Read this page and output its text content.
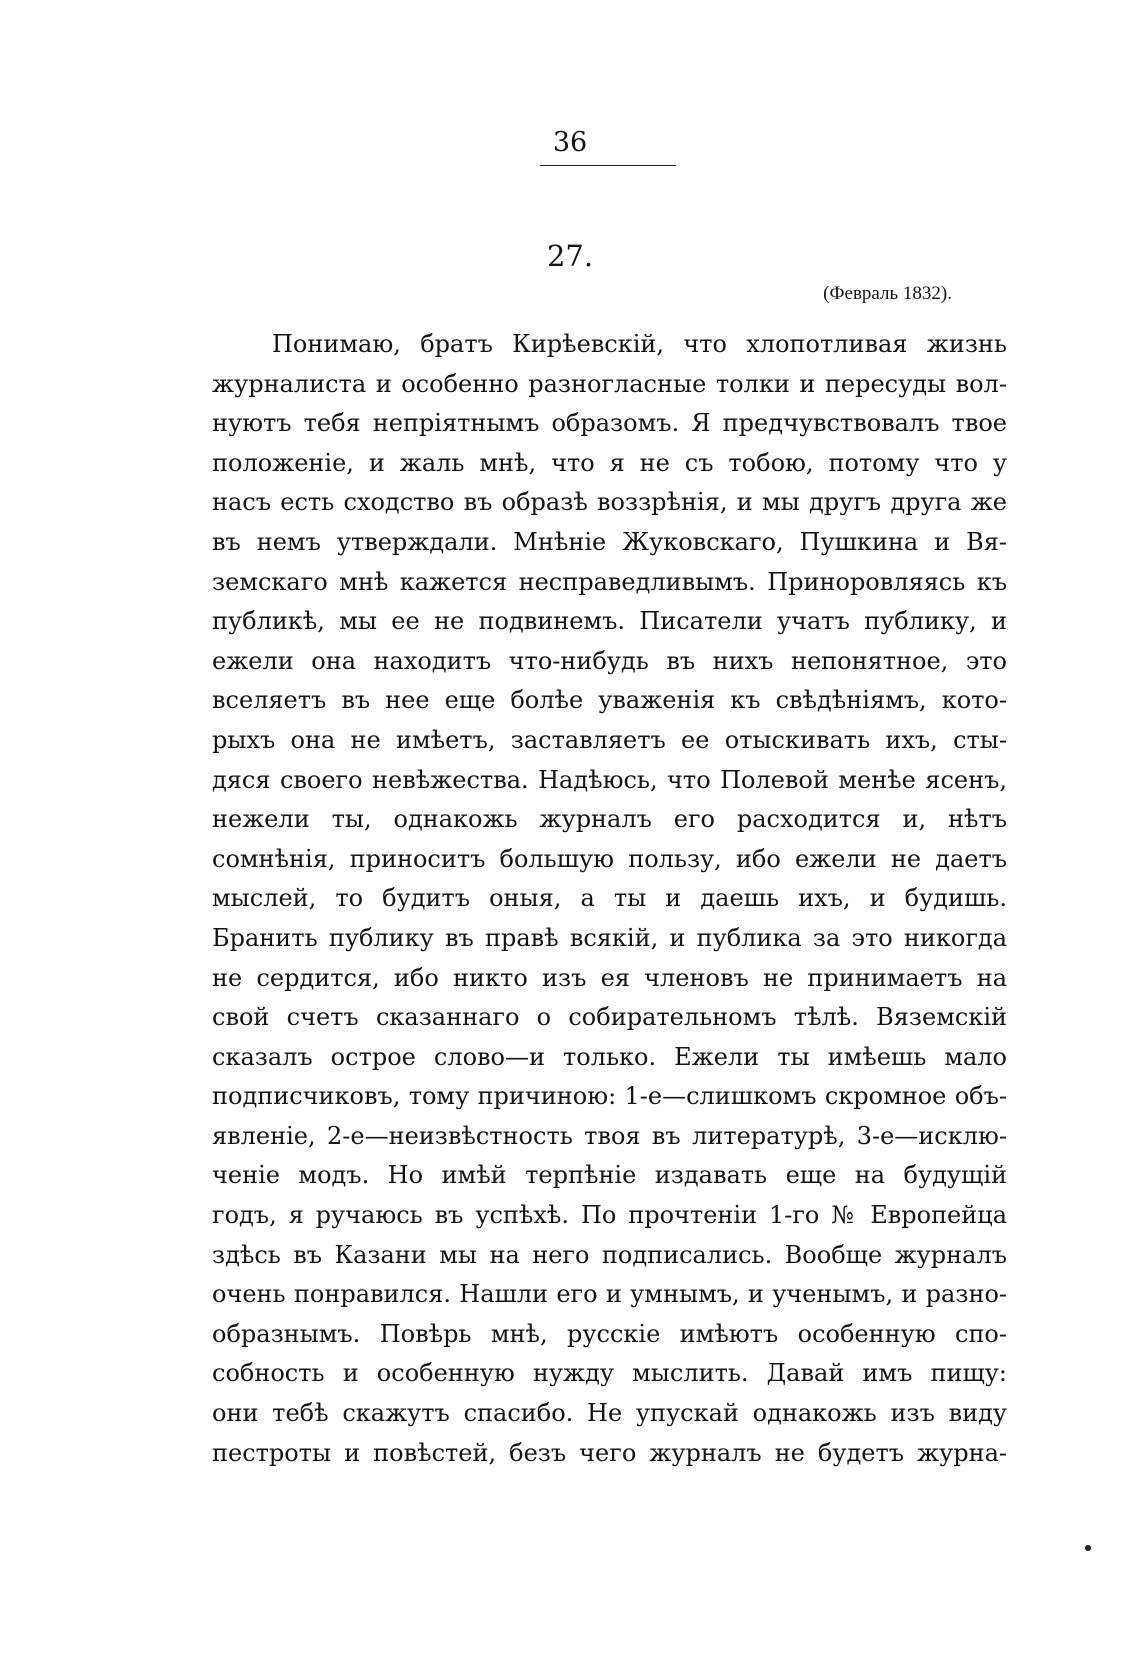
36
27.
(Февраль 1832).
Понимаю, братъ Кирѣевскій, что хлопотливая жизнь
журналиста и особенно разногласные толки и пересуды вол-
нуютъ тебя непріятнымъ образомъ. Я предчувствовалъ твое
положеніе, и жаль мнѣ, что я не съ тобою, потому что у
насъ есть сходство въ образѣ воззрѣнія, и мы другъ друга же
въ немъ утверждали. Мнѣніе Жуковскаго, Пушкина и Вя-
земскаго мнѣ кажется несправедливымъ. Принoровляясь къ
публикѣ, мы ее не подвинемъ. Писатели учатъ публику, и
ежели она находитъ что-нибудь въ нихъ непонятное, это
вселяетъ въ нее еще болѣе уваженія къ свѣдѣніямъ, кото-
рыхъ она не имѣетъ, заставляетъ ее отыскивать ихъ, сты-
дяся своего невѣжества. Надѣюсь, что Полевой менѣе ясенъ,
нежели ты, однакожь журналъ его расходится и, нѣтъ
сомнѣнія, приноситъ большую пользу, ибо ежели не даетъ
мыслей, то будитъ оныя, а ты и даешь ихъ, и будишь.
Бранить публику въ правѣ всякій, и публика за это никогда
не сердится, ибо никто изъ ея членовъ не принимаетъ на
свой счетъ сказаннаго о собирательномъ тѣлѣ. Вяземскій
сказалъ острое слово—и только. Ежели ты имѣешь мало
подписчиковъ, тому причиною: 1-е—слишкомъ скромное объ-
явленіе, 2-е—неизвѣстность твоя въ литературѣ, 3-е—исклю-
ченіе модъ. Но имѣй терпѣніе издавать еще на будущій
годъ, я ручаюсь въ успѣхѣ. По прочтеніи 1-го № Европейца
здѣсь въ Казани мы на него подписались. Вообще журналъ
очень понравился. Нашли его и умнымъ, и ученымъ, и разно-
образнымъ. Повѣрь мнѣ, русскіе имѣютъ особенную спо-
собность и особенную нужду мыслить. Давай имъ пищу:
они тебѣ скажутъ спасибо. Не упускай однакожь изъ виду
пестроты и повѣстей, безъ чего журналъ не будетъ журна-
